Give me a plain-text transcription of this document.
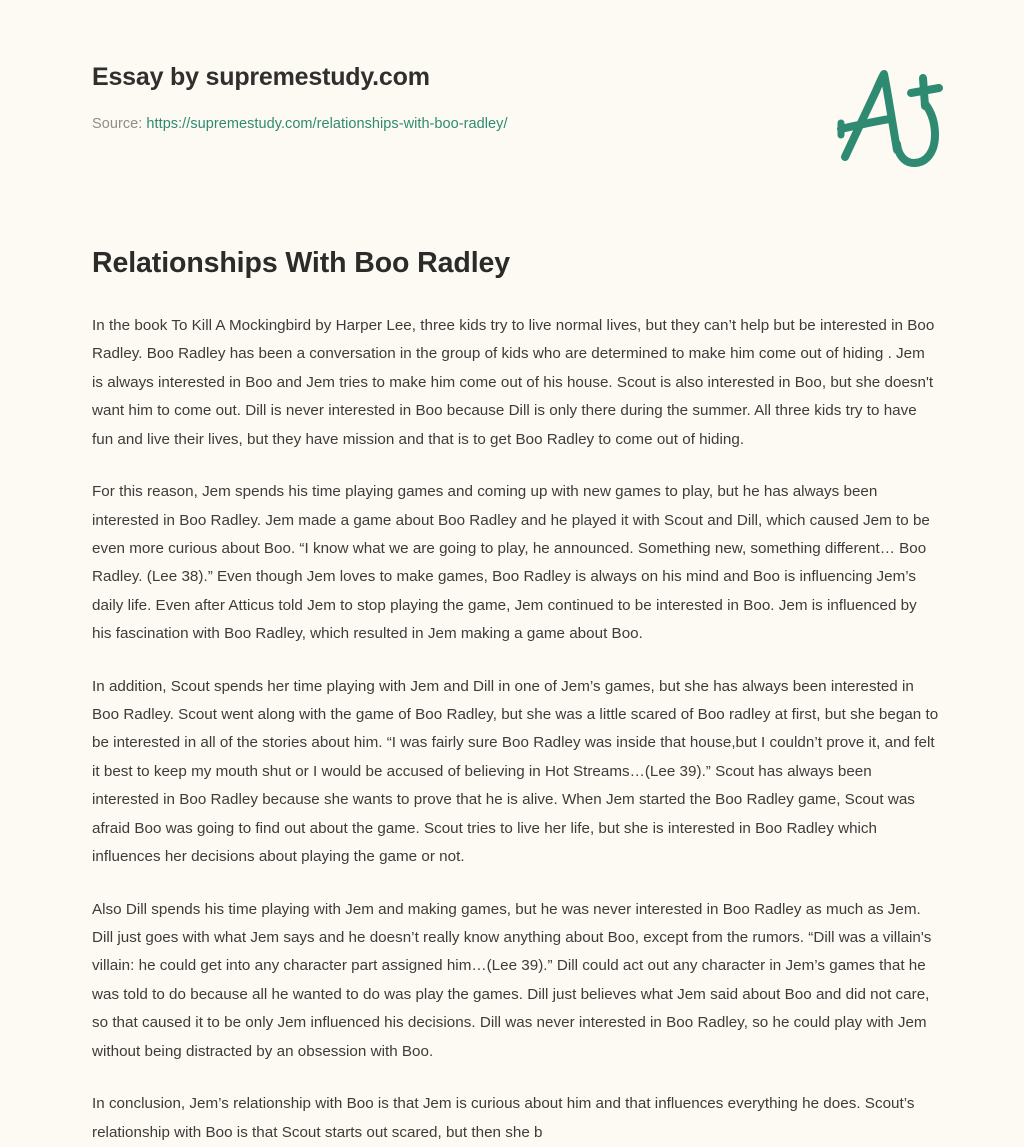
Essay by supremestudy.com
Source: https://supremestudy.com/relationships-with-boo-radley/
Relationships With Boo Radley

In the book To Kill A Mockingbird by Harper Lee, three kids try to live normal lives, but they can’t help but be interested in Boo Radley. Boo Radley has been a conversation in the group of kids who are determined to make him come out of hiding . Jem is always interested in Boo and Jem tries to make him come out of his house. Scout is also interested in Boo, but she doesn't want him to come out. Dill is never interested in Boo because Dill is only there during the summer. All three kids try to have fun and live their lives, but they have mission and that is to get Boo Radley to come out of hiding.

For this reason, Jem spends his time playing games and coming up with new games to play, but he has always been interested in Boo Radley. Jem made a game about Boo Radley and he played it with Scout and Dill, which caused Jem to be even more curious about Boo. “I know what we are going to play, he announced. Something new, something different… Boo Radley. (Lee 38).” Even though Jem loves to make games, Boo Radley is always on his mind and Boo is influencing Jem’s daily life. Even after Atticus told Jem to stop playing the game, Jem continued to be interested in Boo. Jem is influenced by his fascination with Boo Radley, which resulted in Jem making a game about Boo.

In addition, Scout spends her time playing with Jem and Dill in one of Jem’s games, but she has always been interested in Boo Radley. Scout went along with the game of Boo Radley, but she was a little scared of Boo radley at first, but she began to be interested in all of the stories about him. “I was fairly sure Boo Radley was inside that house,but I couldn’t prove it, and felt it best to keep my mouth shut or I would be accused of believing in Hot Streams…(Lee 39).” Scout has always been interested in Boo Radley because she wants to prove that he is alive. When Jem started the Boo Radley game, Scout was afraid Boo was going to find out about the game. Scout tries to live her life, but she is interested in Boo Radley which influences her decisions about playing the game or not.

Also Dill spends his time playing with Jem and making games, but he was never interested in Boo Radley as much as Jem. Dill just goes with what Jem says and he doesn’t really know anything about Boo, except from the rumors. “Dill was a villain's villain: he could get into any character part assigned him…(Lee 39).” Dill could act out any character in Jem’s games that he was told to do because all he wanted to do was play the games. Dill just believes what Jem said about Boo and did not care, so that caused it to be only Jem influenced his decisions. Dill was never interested in Boo Radley, so he could play with Jem without being distracted by an obsession with Boo.

In conclusion, Jem’s relationship with Boo is that Jem is curious about him and that influences everything he does. Scout’s relationship with Boo is that Scout starts out scared, but then she b
